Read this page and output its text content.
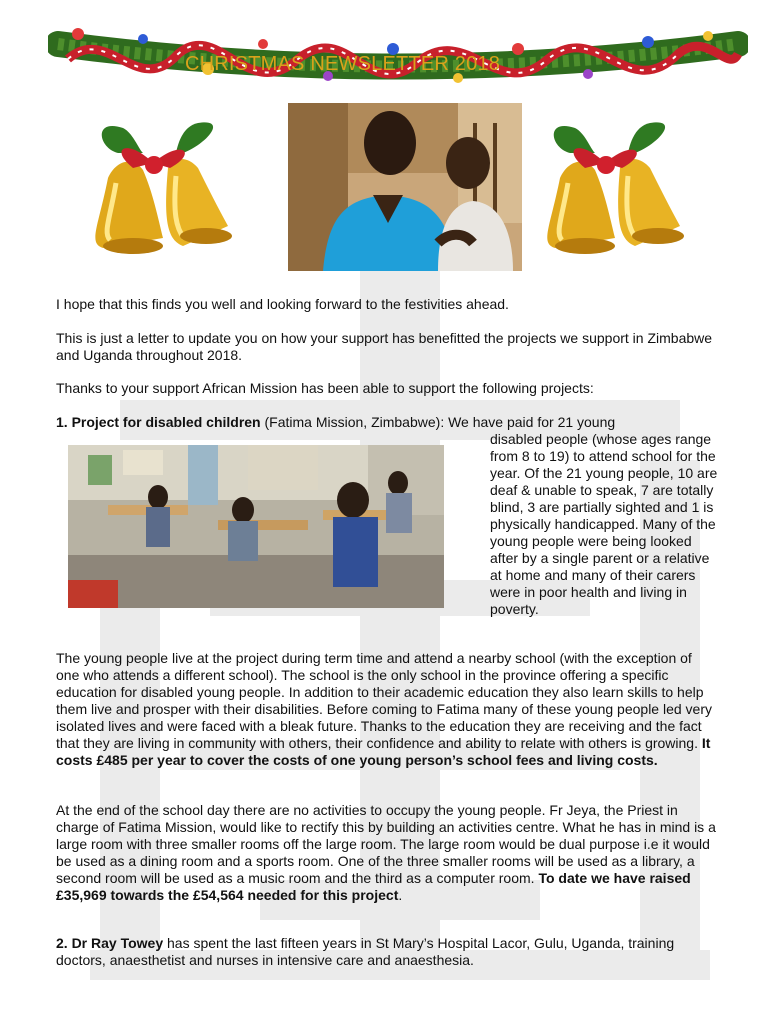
CHRISTMAS NEWSLETTER 2018
I hope that this finds you well and looking forward to the festivities ahead.
This is just a letter to update you on how your support has benefitted the projects we support in Zimbabwe and Uganda throughout 2018.
Thanks to your support African Mission has been able to support the following projects:
1. Project for disabled children (Fatima Mission, Zimbabwe): We have paid for 21 young
disabled people (whose ages range from 8 to 19) to attend school for the year. Of the 21 young people, 10 are deaf & unable to speak, 7 are totally blind, 3 are partially sighted and 1 is physically handicapped. Many of the young people were being looked after by a single parent or a relative at home and many of their carers were in poor health and living in poverty.
The young people live at the project during term time and attend a nearby school (with the exception of one who attends a different school). The school is the only school in the province offering a specific education for disabled young people. In addition to their academic education they also learn skills to help them live and prosper with their disabilities. Before coming to Fatima many of these young people led very isolated lives and were faced with a bleak future. Thanks to the education they are receiving and the fact that they are living in community with others, their confidence and ability to relate with others is growing. It costs £485 per year to cover the costs of one young person’s school fees and living costs.
At the end of the school day there are no activities to occupy the young people. Fr Jeya, the Priest in charge of Fatima Mission, would like to rectify this by building an activities centre. What he has in mind is a large room with three smaller rooms off the large room. The large room would be dual purpose i.e it would be used as a dining room and a sports room. One of the three smaller rooms will be used as a library, a second room will be used as a music room and the third as a computer room. To date we have raised £35,969 towards the £54,564 needed for this project.
2. Dr Ray Towey has spent the last fifteen years in St Mary’s Hospital Lacor, Gulu, Uganda, training doctors, anaesthetist and nurses in intensive care and anaesthesia.
